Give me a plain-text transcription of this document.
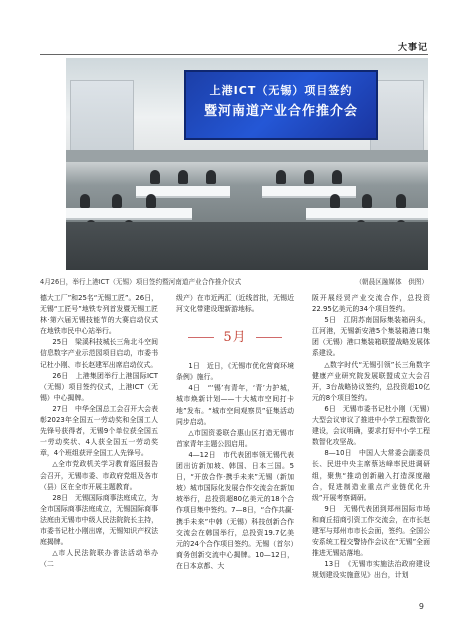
大事记
上港ICT（无锡）项目签约
暨河南道产业合作推介会
4月26日，举行上港ICT（无锡）项目签约暨河南道产业合作推介仪式	（朝晨区融媒体　供图）

德大工厂”和25名“无锡工匠”。26日，无锡“工匠号”地铁专列首发暨无锡工匠林·第六届无锡技能节的大赛启动仪式在地铁市民中心站举行。

25日　梁溪科技城长三角北斗空间信息数字产业示范园项目启动，市委书记杜小刚、市长赵建军出席启动仪式。

26日　上港集团举行上港国际ICT（无锡）项目签约仪式，上港ICT（无锡）中心揭牌。

27日　中华全国总工会召开大会表彰2023年全国五一劳动奖和全国工人先锋号获得者，无锡9个单位获全国五一劳动奖状、4人获全国五一劳动奖章，4个班组获评全国工人先锋号。

△全市党政机关学习教育巡回报告会召开，无锡市委、市政府党组及各市（县）区在全市开展主题教育。

28日　无锡国际商事法庭成立，为全市国际商事法庭成立，无锡国际商事法庭由无锡市中级人民法院院长主持，市委书记杜小刚出席，无锡知识产权法庭揭牌。

△市人民法院联办普法活动举办（二

级产）在市近两汇（近线首批，无锡近河文化带建设理新游地标。

5月

1日　近日，《无锡市优化营商环境条例》施行。

4日　“‘锡’有青年，‘青’力护城，城市焕新计划——十大城市空间打卡地”发布。“城市空间观察员”征集活动同步启动。

△市国资委联合惠山区打造无锡市首家青年主题公园启用。

4—12日　市代表团率领无锡代表团出访新加坡、韩国、日本三国。5日，“开放合作·携手未来”无锡（新加坡）城市国际化发展合作交流会在新加坡举行，总投资超80亿美元的18个合作项目集中签约。7—8日，“合作共赢·携手未来”中韩（无锡）科技创新合作交流会在韩国举行，总投资19.7亿美元的24个合作项目签约。无锡（首尔）商务创新交流中心揭牌。10—12日，在日本京都、大

阪开展经贸产业交流合作，总投资22.95亿美元的34个项目签约。

5日　江阴苏南国际集装箱码头，江河港，无锡新安港5个集装箱港口集团（无锡）港口集装箱联盟战略发展体系建设。

△数字时代“无锡引领”长三角数字健康产业研究院发展联盟成立大会召开，3台战略协议签约，总投资超10亿元的8个项目签约。

6日　无锡市委书记杜小刚（无锡）大型会议审议了推进中小学工程数智化建设，会议明确，要求打好中小学工程数智化攻坚战。

8—10日　中国人大常委会副委员长、民进中央主席蔡达峰率民进调研组，聚焦“推动创新融入打造深度融合，促进制造业重点产业链优化升级”开展考察调研。

9日　无锡代表团到郑州国际市场和商丘招商引资工作交流会，在市长赵建军与郑州市市长会面，签约。全国公安系统工程交警协作会议在“无锡”全面推进无锡站落地。

13日　《无锡市实施法治政府建设规划建设实施意见》出台，计划

9
